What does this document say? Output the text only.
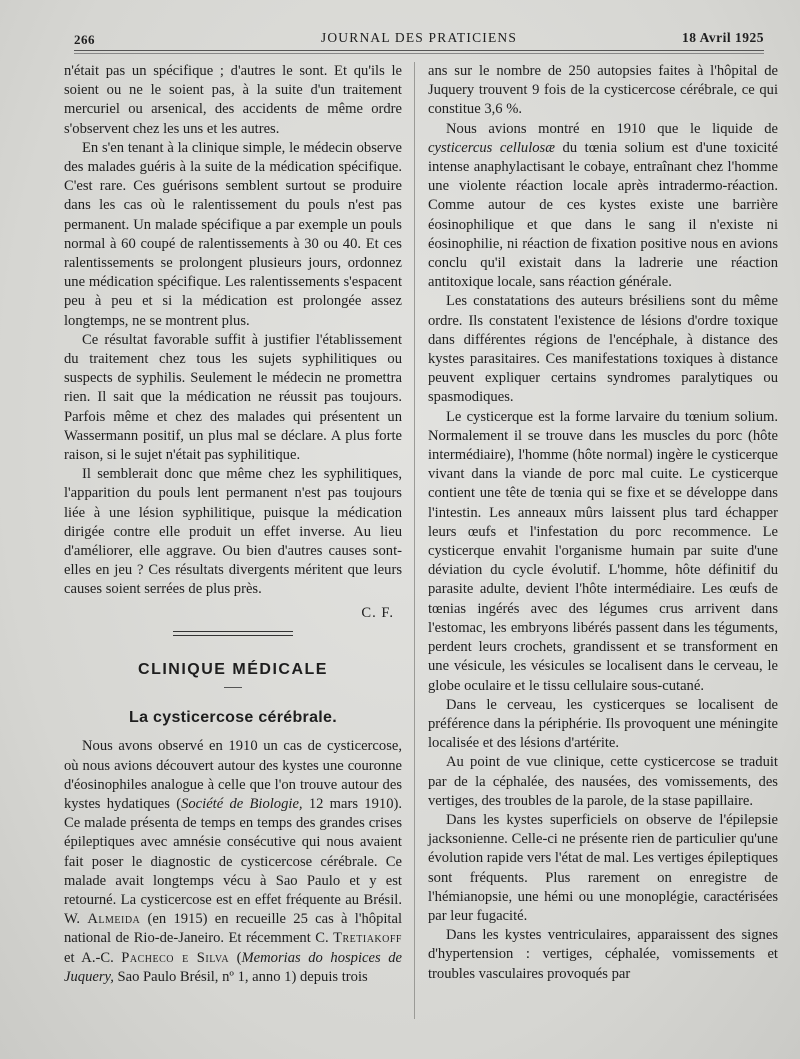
266	JOURNAL DES PRATICIENS	18 Avril 1925

n'était pas un spécifique ; d'autres le sont. Et qu'ils le soient ou ne le soient pas, à la suite d'un traitement mercuriel ou arsenical, des accidents de même ordre s'observent chez les uns et les autres.

En s'en tenant à la clinique simple, le médecin observe des malades guéris à la suite de la médication spécifique. C'est rare. Ces guérisons semblent surtout se produire dans les cas où le ralentissement du pouls n'est pas permanent. Un malade spécifique a par exemple un pouls normal à 60 coupé de ralentissements à 30 ou 40. Et ces ralentissements se prolongent plusieurs jours, ordonnez une médication spécifique. Les ralentissements s'espacent peu à peu et si la médication est prolongée assez longtemps, ne se montrent plus.

Ce résultat favorable suffit à justifier l'établissement du traitement chez tous les sujets syphilitiques ou suspects de syphilis. Seulement le médecin ne promettra rien. Il sait que la médication ne réussit pas toujours. Parfois même et chez des malades qui présentent un Wassermann positif, un plus mal se déclare. A plus forte raison, si le sujet n'était pas syphilitique.

Il semblerait donc que même chez les syphilitiques, l'apparition du pouls lent permanent n'est pas toujours liée à une lésion syphilitique, puisque la médication dirigée contre elle produit un effet inverse. Au lieu d'améliorer, elle aggrave. Ou bien d'autres causes sont-elles en jeu ? Ces résultats divergents méritent que leurs causes soient serrées de plus près.

C. F.

CLINIQUE MÉDICALE
La cysticercose cérébrale.

Nous avons observé en 1910 un cas de cysticercose, où nous avions découvert autour des kystes une couronne d'éosinophiles analogue à celle que l'on trouve autour des kystes hydatiques (Société de Biologie, 12 mars 1910). Ce malade présenta de temps en temps des grandes crises épileptiques avec amnésie consécutive qui nous avaient fait poser le diagnostic de cysticercose cérébrale. Ce malade avait longtemps vécu à Sao Paulo et y est retourné. La cysticercose est en effet fréquente au Brésil. W. Almeida (en 1915) en recueille 25 cas à l'hôpital national de Rio-de-Janeiro. Et récemment C. Tretiakoff et A.-C. Pacheco e Silva (Memorias do hospices de Juquery, Sao Paulo Brésil, nº 1, anno 1) depuis trois

ans sur le nombre de 250 autopsies faites à l'hôpital de Juquery trouvent 9 fois de la cysticercose cérébrale, ce qui constitue 3,6 %.

Nous avions montré en 1910 que le liquide de cysticercus cellulosæ du tœnia solium est d'une toxicité intense anaphylactisant le cobaye, entraînant chez l'homme une violente réaction locale après intradermo-réaction. Comme autour de ces kystes existe une barrière éosinophilique et que dans le sang il n'existe ni éosinophilie, ni réaction de fixation positive nous en avions conclu qu'il existait dans la ladrerie une réaction antitoxique locale, sans réaction générale.

Les constatations des auteurs brésiliens sont du même ordre. Ils constatent l'existence de lésions d'ordre toxique dans différentes régions de l'encéphale, à distance des kystes parasitaires. Ces manifestations toxiques à distance peuvent expliquer certains syndromes paralytiques ou spasmodiques.

Le cysticerque est la forme larvaire du tœnium solium. Normalement il se trouve dans les muscles du porc (hôte intermédiaire), l'homme (hôte normal) ingère le cysticerque vivant dans la viande de porc mal cuite. Le cysticerque contient une tête de tœnia qui se fixe et se développe dans l'intestin. Les anneaux mûrs laissent plus tard échapper leurs œufs et l'infestation du porc recommence. Le cysticerque envahit l'organisme humain par suite d'une déviation du cycle évolutif. L'homme, hôte définitif du parasite adulte, devient l'hôte intermédiaire. Les œufs de tœnias ingérés avec des légumes crus arrivent dans l'estomac, les embryons libérés passent dans les téguments, perdent leurs crochets, grandissent et se transforment en une vésicule, les vésicules se localisent dans le cerveau, le globe oculaire et le tissu cellulaire sous-cutané.

Dans le cerveau, les cysticerques se localisent de préférence dans la périphérie. Ils provoquent une méningite localisée et des lésions d'artérite.

Au point de vue clinique, cette cysticercose se traduit par de la céphalée, des nausées, des vomissements, des vertiges, des troubles de la parole, de la stase papillaire.

Dans les kystes superficiels on observe de l'épilepsie jacksonienne. Celle-ci ne présente rien de particulier qu'une évolution rapide vers l'état de mal. Les vertiges épileptiques sont fréquents. Plus rarement on enregistre de l'hémianopsie, une hémi ou une monoplégie, caractérisées par leur fugacité.

Dans les kystes ventriculaires, apparaissent des signes d'hypertension : vertiges, céphalée, vomissements et troubles vasculaires provoqués par
